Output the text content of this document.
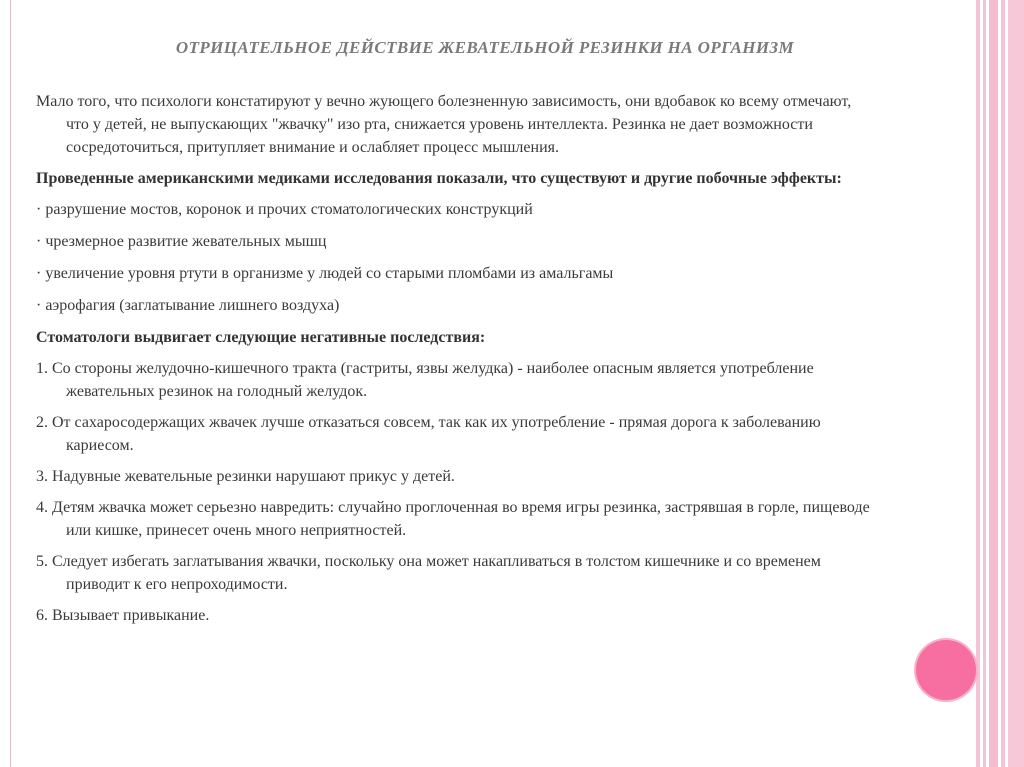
ОТРИЦАТЕЛЬНОЕ ДЕЙСТВИЕ ЖЕВАТЕЛЬНОЙ РЕЗИНКИ НА ОРГАНИЗМ

Мало того, что психологи констатируют у вечно жующего болезненную зависимость, они вдобавок ко всему отмечают, что у детей, не выпускающих "жвачку" изо рта, снижается уровень интеллекта. Резинка не дает возможности сосредоточиться, притупляет внимание и ослабляет процесс мышления.

Проведенные американскими медиками исследования показали, что существуют и другие побочные эффекты:

· разрушение мостов, коронок и прочих стоматологических конструкций

· чрезмерное развитие жевательных мышц

· увеличение уровня ртути в организме у людей со старыми пломбами из амальгамы

· аэрофагия (заглатывание лишнего воздуха)

Стоматологи выдвигает следующие негативные последствия:

1. Со стороны желудочно-кишечного тракта (гастриты, язвы желудка) - наиболее опасным является употребление жевательных резинок на голодный желудок.

2. От сахаросодержащих жвачек лучше отказаться совсем, так как их употребление - прямая дорога к заболеванию кариесом.

3. Надувные жевательные резинки нарушают прикус у детей.

4. Детям жвачка может серьезно навредить: случайно проглоченная во время игры резинка, застрявшая в горле, пищеводе или кишке, принесет очень много неприятностей.

5. Следует избегать заглатывания жвачки, поскольку она может накапливаться в толстом кишечнике и со временем приводит к его непроходимости.

6. Вызывает привыкание.
